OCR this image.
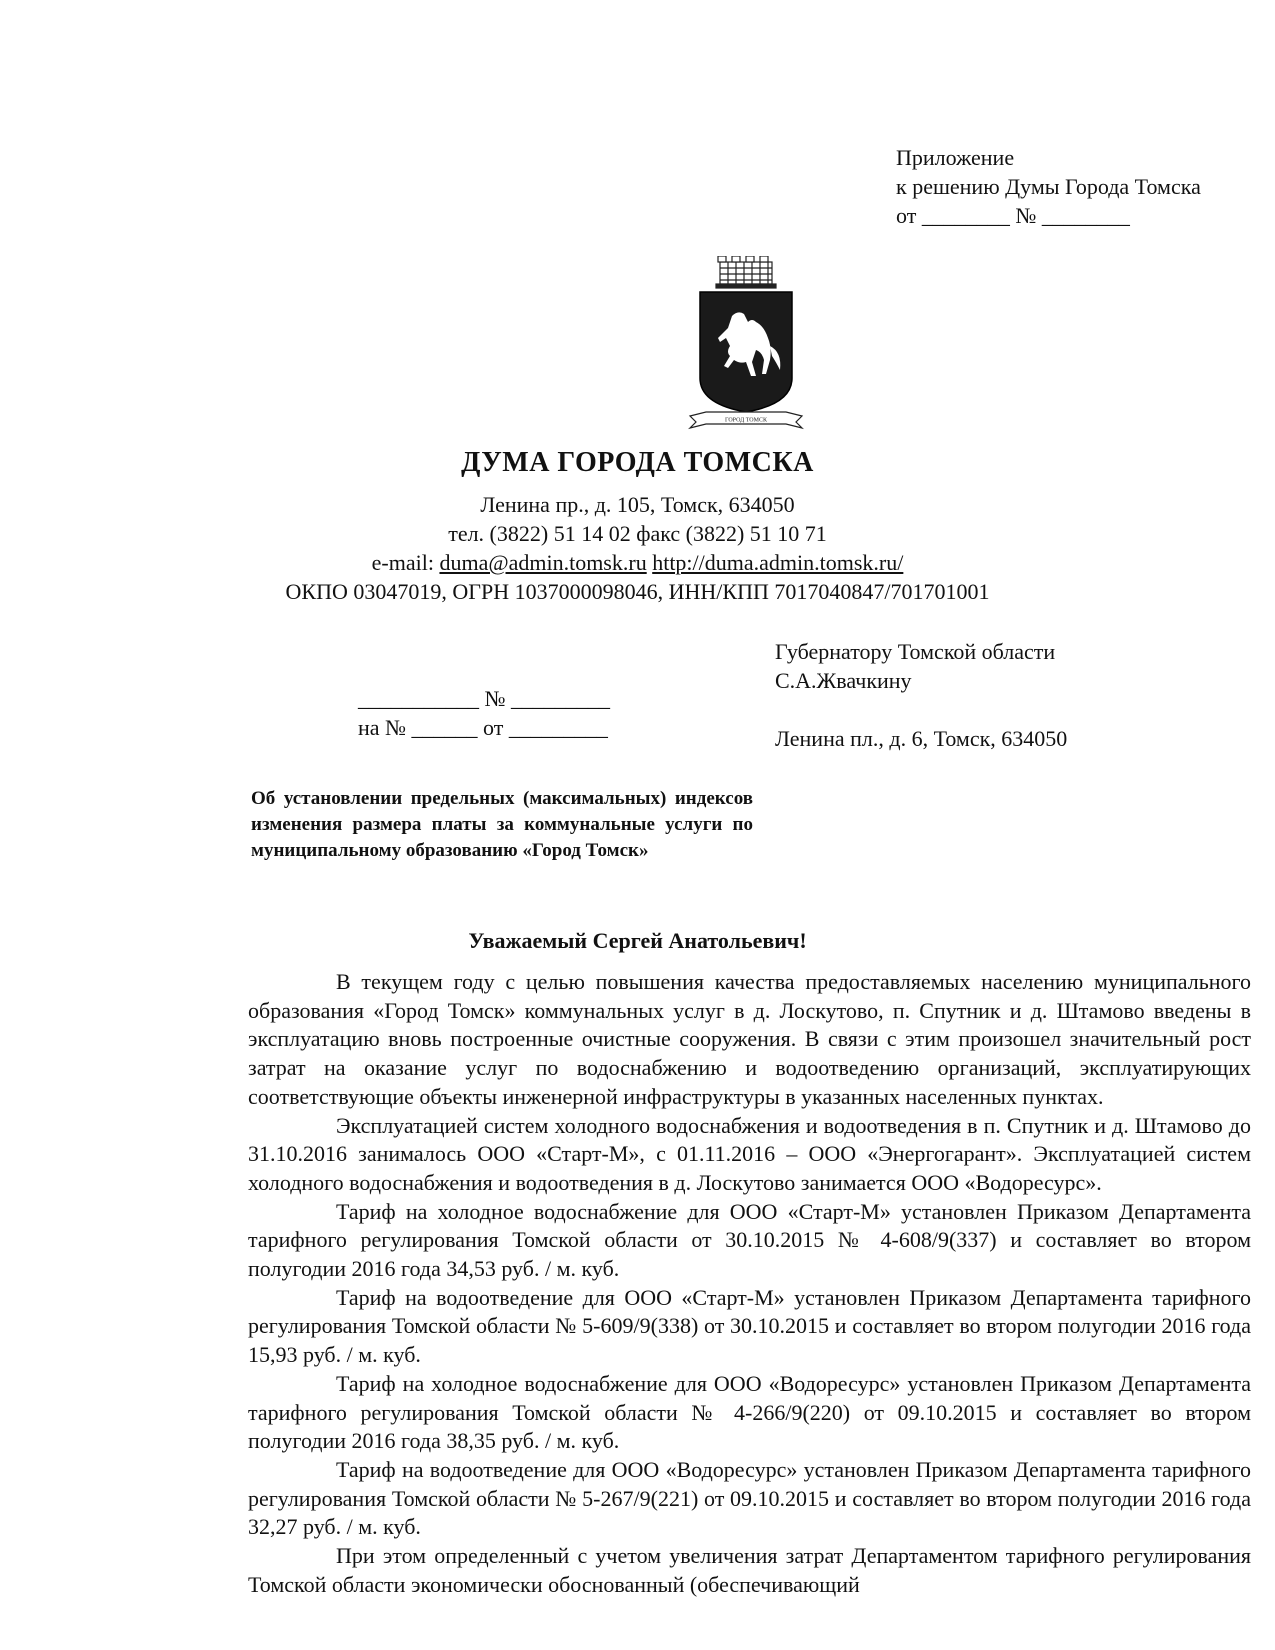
Приложение
к решению Думы Города Томска
от ________ № ________
ГОРОД ТОМСК
ДУМА ГОРОДА ТОМСКА
Ленина пр., д. 105, Томск, 634050
тел. (3822) 51 14 02 факс (3822) 51 10 71
e-mail: duma@admin.tomsk.ru http://duma.admin.tomsk.ru/
ОКПО 03047019, ОГРН 1037000098046, ИНН/КПП 7017040847/701701001
Губернатору Томской области
С.А.Жвачкину
Ленина пл., д. 6, Томск, 634050
___________ № _________
на № ______ от _________
Об установлении предельных (максимальных) индексов изменения размера платы за коммунальные услуги по муниципальному образованию «Город Томск»
Уважаемый Сергей Анатольевич!

В текущем году с целью повышения качества предоставляемых населению муниципального образования «Город Томск» коммунальных услуг в д. Лоскутово, п. Спутник и д. Штамово введены в эксплуатацию вновь построенные очистные сооружения. В связи с этим произошел значительный рост затрат на оказание услуг по водоснабжению и водоотведению организаций, эксплуатирующих соответствующие объекты инженерной инфраструктуры в указанных населенных пунктах.

Эксплуатацией систем холодного водоснабжения и водоотведения в п. Спутник и д. Штамово до 31.10.2016 занималось ООО «Старт-М», с 01.11.2016 – ООО «Энергогарант». Эксплуатацией систем холодного водоснабжения и водоотведения в д. Лоскутово занимается ООО «Водоресурс».

Тариф на холодное водоснабжение для ООО «Старт-М» установлен Приказом Департамента тарифного регулирования Томской области от 30.10.2015 № 4-608/9(337) и составляет во втором полугодии 2016 года 34,53 руб. / м. куб.

Тариф на водоотведение для ООО «Старт-М» установлен Приказом Департамента тарифного регулирования Томской области № 5-609/9(338) от 30.10.2015 и составляет во втором полугодии 2016 года 15,93 руб. / м. куб.

Тариф на холодное водоснабжение для ООО «Водоресурс» установлен Приказом Департамента тарифного регулирования Томской области № 4-266/9(220) от 09.10.2015 и составляет во втором полугодии 2016 года 38,35 руб. / м. куб.

Тариф на водоотведение для ООО «Водоресурс» установлен Приказом Департамента тарифного регулирования Томской области № 5-267/9(221) от 09.10.2015 и составляет во втором полугодии 2016 года 32,27 руб. / м. куб.

При этом определенный с учетом увеличения затрат Департаментом тарифного регулирования Томской области экономически обоснованный (обеспечивающий
